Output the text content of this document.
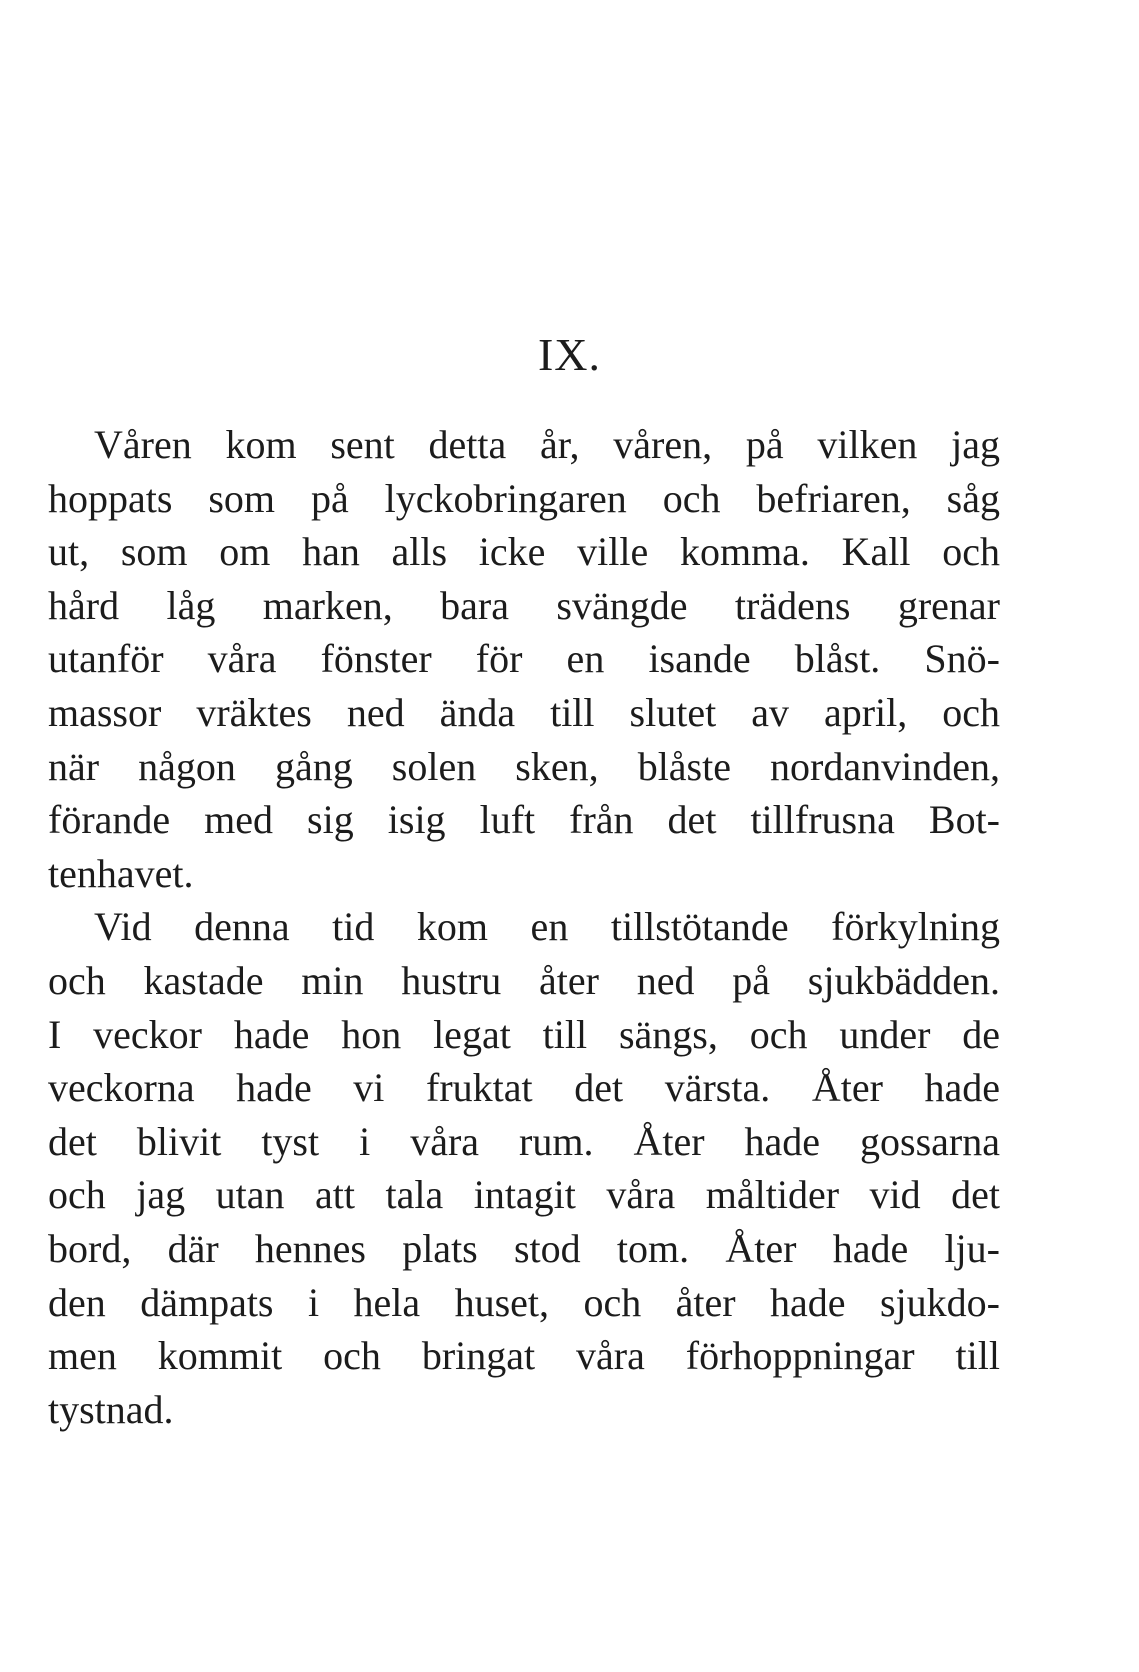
IX.
Våren kom sent detta år, våren, på vilken jag
hoppats som på lyckobringaren och befriaren, såg
ut, som om han alls icke ville komma. Kall och
hård låg marken, bara svängde trädens grenar
utanför våra fönster för en isande blåst. Snö-
massor vräktes ned ända till slutet av april, och
när någon gång solen sken, blåste nordanvinden,
förande med sig isig luft från det tillfrusna Bot-
tenhavet.
Vid denna tid kom en tillstötande förkylning
och kastade min hustru åter ned på sjukbädden.
I veckor hade hon legat till sängs, och under de
veckorna hade vi fruktat det värsta. Åter hade
det blivit tyst i våra rum. Åter hade gossarna
och jag utan att tala intagit våra måltider vid det
bord, där hennes plats stod tom. Åter hade lju-
den dämpats i hela huset, och åter hade sjukdo-
men kommit och bringat våra förhoppningar till
tystnad.
